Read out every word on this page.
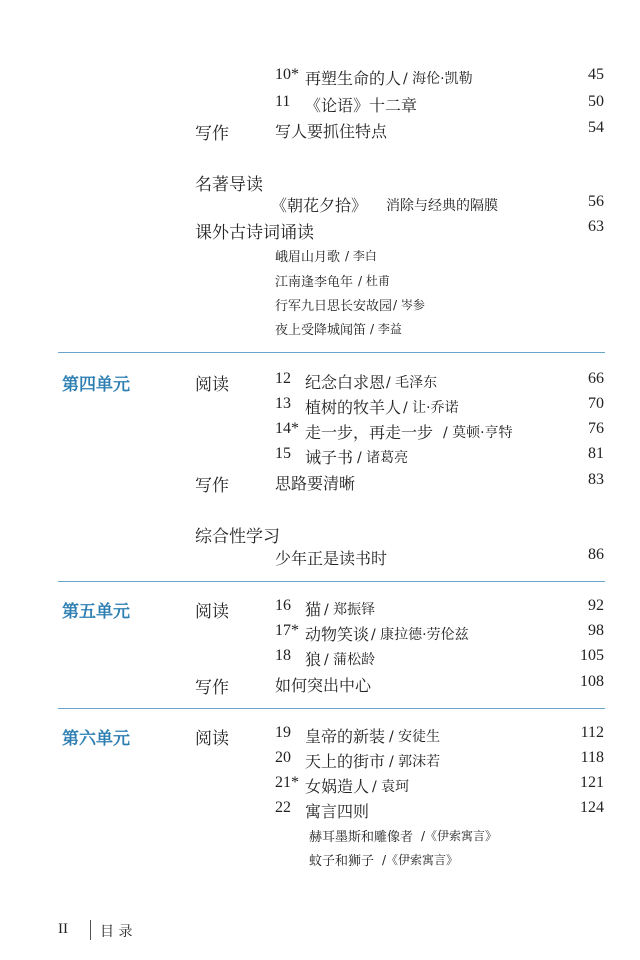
10* 再塑生命的人 / 海伦·凯勒	45
11 《论语》十二章	50
写作	写人要抓住特点	54
名著导读
《朝花夕拾》 消除与经典的隔膜	56
课外古诗词诵读	63
峨眉山月歌 / 李白
江南逢李龟年 / 杜甫
行军九日思长安故园 / 岑参
夜上受降城闻笛 / 李益
第四单元	阅读	12 纪念白求恩 / 毛泽东	66
13 植树的牧羊人 / 让·乔诺	70
14* 走一步，再走一步 / 莫顿·亨特	76
15 诫子书 / 诸葛亮	81
写作	思路要清晰	83
综合性学习
少年正是读书时	86
第五单元	阅读	16 猫 / 郑振铎	92
17* 动物笑谈 / 康拉德·劳伦兹	98
18 狼 / 蒲松龄	105
写作	如何突出中心	108
第六单元	阅读	19 皇帝的新装 / 安徒生	112
20 天上的街市 / 郭沫若	118
21* 女娲造人 / 袁珂	121
22 寓言四则	124
赫耳墨斯和雕像者 /《伊索寓言》
蚊子和狮子 /《伊索寓言》
II 目 录
